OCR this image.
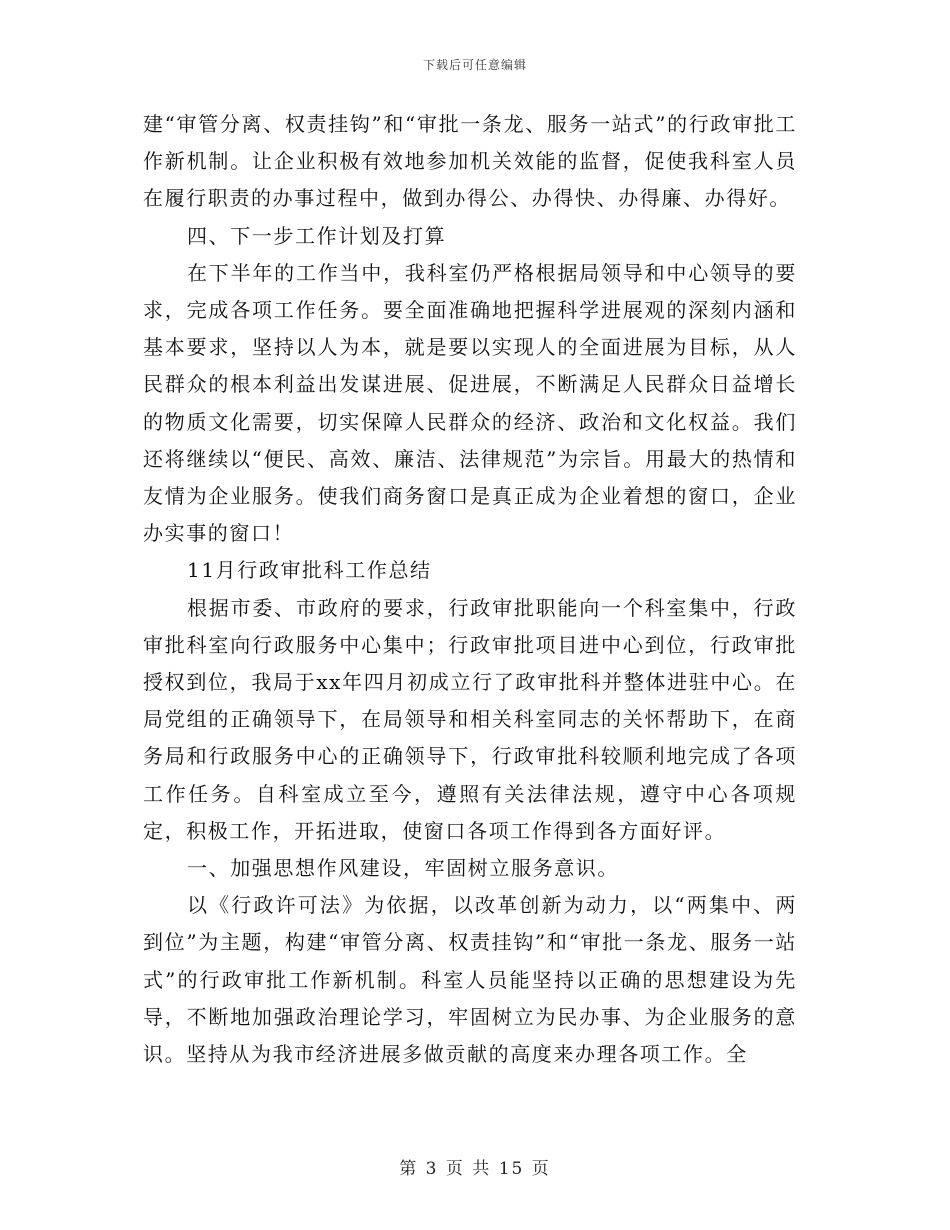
下载后可任意编辑

建“审管分离、权责挂钩”和“审批一条龙、服务一站式”的行政审批工作新机制。让企业积极有效地参加机关效能的监督，促使我科室人员在履行职责的办事过程中，做到办得公、办得快、办得廉、办得好。

四、下一步工作计划及打算

在下半年的工作当中，我科室仍严格根据局领导和中心领导的要求，完成各项工作任务。要全面准确地把握科学进展观的深刻内涵和基本要求，坚持以人为本，就是要以实现人的全面进展为目标，从人民群众的根本利益出发谋进展、促进展，不断满足人民群众日益增长的物质文化需要，切实保障人民群众的经济、政治和文化权益。我们还将继续以“便民、高效、廉洁、法律规范”为宗旨。用最大的热情和友情为企业服务。使我们商务窗口是真正成为企业着想的窗口，企业办实事的窗口！

11月行政审批科工作总结

根据市委、市政府的要求，行政审批职能向一个科室集中，行政审批科室向行政服务中心集中；行政审批项目进中心到位，行政审批授权到位，我局于xx年四月初成立行了政审批科并整体进驻中心。在局党组的正确领导下，在局领导和相关科室同志的关怀帮助下，在商务局和行政服务中心的正确领导下，行政审批科较顺利地完成了各项工作任务。自科室成立至今，遵照有关法律法规，遵守中心各项规定，积极工作，开拓进取，使窗口各项工作得到各方面好评。

一、加强思想作风建设，牢固树立服务意识。

以《行政许可法》为依据，以改革创新为动力，以“两集中、两到位”为主题，构建“审管分离、权责挂钩”和“审批一条龙、服务一站式”的行政审批工作新机制。科室人员能坚持以正确的思想建设为先导，不断地加强政治理论学习，牢固树立为民办事、为企业服务的意识。坚持从为我市经济进展多做贡献的高度来办理各项工作。全

第 3 页 共 15 页
